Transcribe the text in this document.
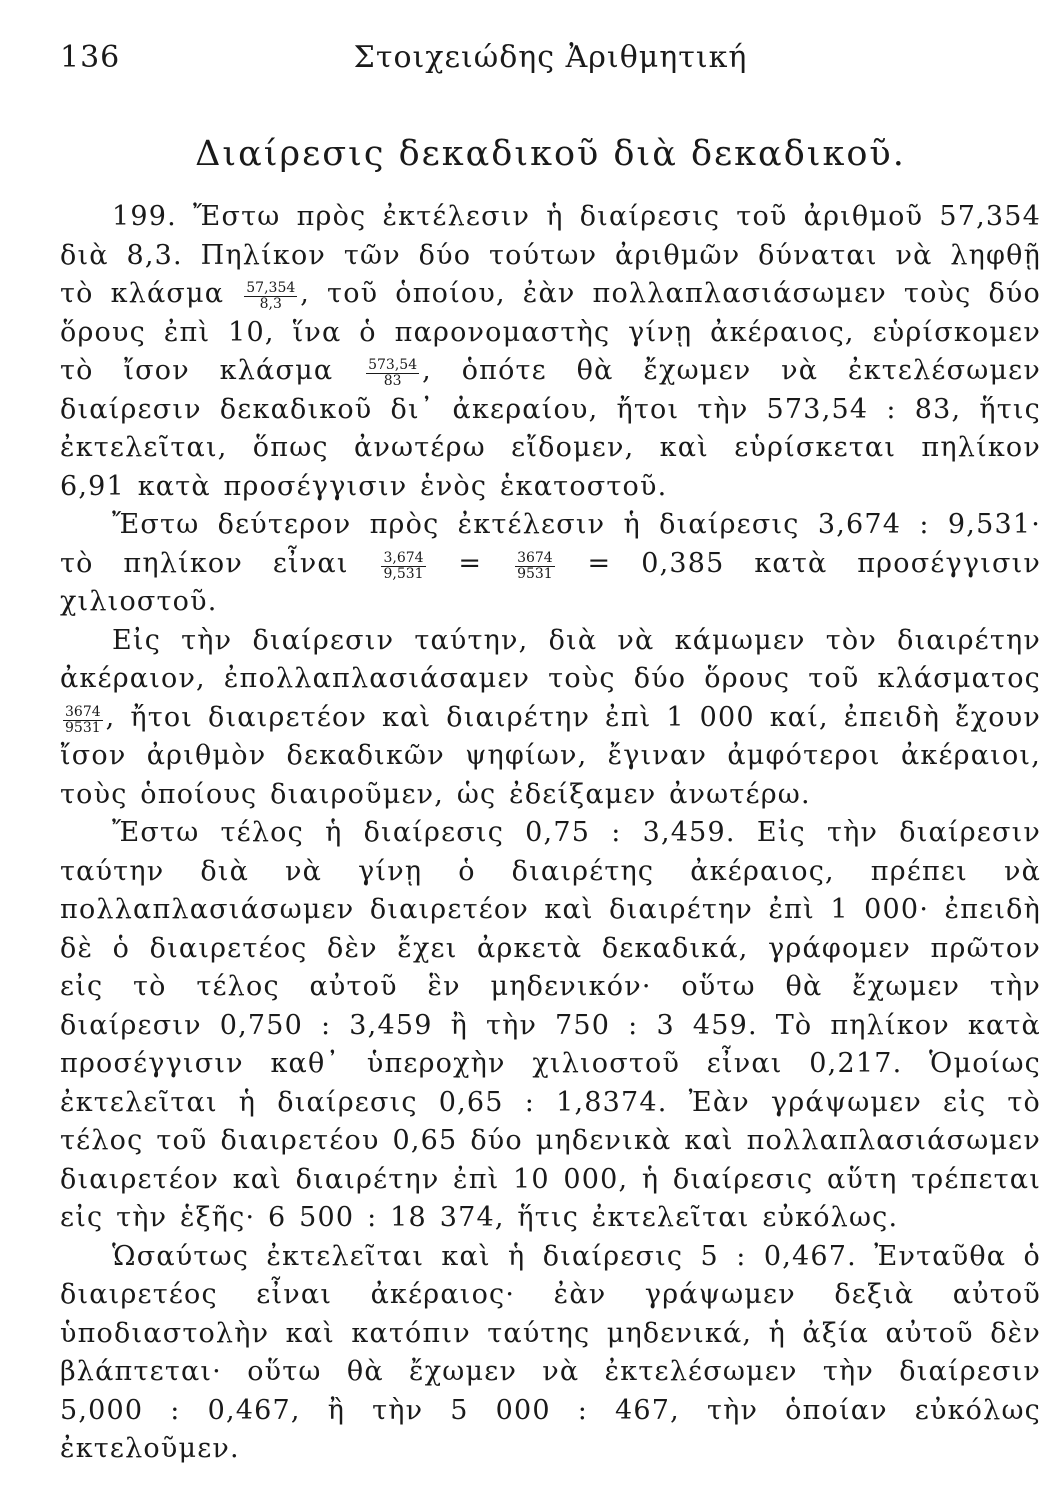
136	Στοιχειώδης Ἀριθμητική
Διαίρεσις δεκαδικοῦ διὰ δεκαδικοῦ.

199. Ἔστω πρὸς ἐκτέλεσιν ἡ διαίρεσις τοῦ ἀριθμοῦ 57,354 διὰ 8,3. Πηλίκον τῶν δύο τούτων ἀριθμῶν δύναται νὰ ληφθῇ τὸ κλάσμα $\frac{57,354}{8,3}$ , τοῦ ὁποίου, ἐὰν πολλαπλασιάσωμεν τοὺς δύο ὅρους ἐπὶ 10, ἵνα ὁ παρονομαστὴς γίνῃ ἀκέραιος, εὑρίσκομεν τὸ ἴσον κλάσμα $\frac{573,54}{83}$ , ὁπότε θὰ ἔχωμεν νὰ ἐκτελέσωμεν διαίρεσιν δεκαδικοῦ δι᾽ ἀκεραίου, ἤτοι τὴν 573,54 : 83, ἥτις ἐκτελεῖται, ὅπως ἀνωτέρω εἴδομεν, καὶ εὑρίσκεται πηλίκον 6,91 κατὰ προσέγγισιν ἑνὸς ἑκατοστοῦ.

Ἔστω δεύτερον πρὸς ἐκτέλεσιν ἡ διαίρεσις 3,674 : 9,531· τὸ πηλίκον εἶναι $\frac{3,674}{9,531} = \frac{3674}{9531} = 0,385$ κατὰ προσέγγισιν χιλιοστοῦ.

Εἰς τὴν διαίρεσιν ταύτην, διὰ νὰ κάμωμεν τὸν διαιρέτην ἀκέραιον, ἐπολλαπλασιάσαμεν τοὺς δύο ὅρους τοῦ κλάσματος
$\frac{3674}{9531}$ , ἤτοι διαιρετέον καὶ διαιρέτην ἐπὶ 1 000 καί, ἐπειδὴ ἔχουν ἴσον ἀριθμὸν δεκαδικῶν ψηφίων, ἔγιναν ἀμφότεροι ἀκέραιοι, τοὺς ὁποίους διαιροῦμεν, ὡς ἐδείξαμεν ἀνωτέρω.

Ἔστω τέλος ἡ διαίρεσις 0,75 : 3,459. Εἰς τὴν διαίρεσιν ταύτην διὰ νὰ γίνῃ ὁ διαιρέτης ἀκέραιος, πρέπει νὰ πολλαπλασιάσωμεν διαιρετέον καὶ διαιρέτην ἐπὶ 1 000· ἐπειδὴ δὲ ὁ διαιρετέος δὲν ἔχει ἀρκετὰ δεκαδικά, γράφομεν πρῶτον εἰς τὸ τέλος αὐτοῦ ἓν μηδενικόν· οὕτω θὰ ἔχωμεν τὴν διαίρεσιν 0,750 : 3,459 ἢ τὴν 750 : 3 459. Τὸ πηλίκον κατὰ προσέγγισιν καθ᾽ ὑπεροχὴν χιλιοστοῦ εἶναι 0,217. Ὁμοίως ἐκτελεῖται ἡ διαίρεσις 0,65 : 1,8374. Ἐὰν γράψωμεν εἰς τὸ τέλος τοῦ διαιρετέου 0,65 δύο μηδενικὰ καὶ πολλαπλασιάσωμεν διαιρετέον καὶ διαιρέτην ἐπὶ 10 000, ἡ διαίρεσις αὕτη τρέπεται εἰς τὴν ἑξῆς· 6 500 : 18 374, ἥτις ἐκτελεῖται εὐκόλως.

Ὡσαύτως ἐκτελεῖται καὶ ἡ διαίρεσις 5 : 0,467. Ἐνταῦθα ὁ διαιρετέος εἶναι ἀκέραιος· ἐὰν γράψωμεν δεξιὰ αὐτοῦ ὑποδιαστολὴν καὶ κατόπιν ταύτης μηδενικά, ἡ ἀξία αὐτοῦ δὲν βλάπτεται· οὕτω θὰ ἔχωμεν νὰ ἐκτελέσωμεν τὴν διαίρεσιν 5,000 : 0,467, ἢ τὴν 5 000 : 467, τὴν ὁποίαν εὐκόλως ἐκτελοῦμεν.
